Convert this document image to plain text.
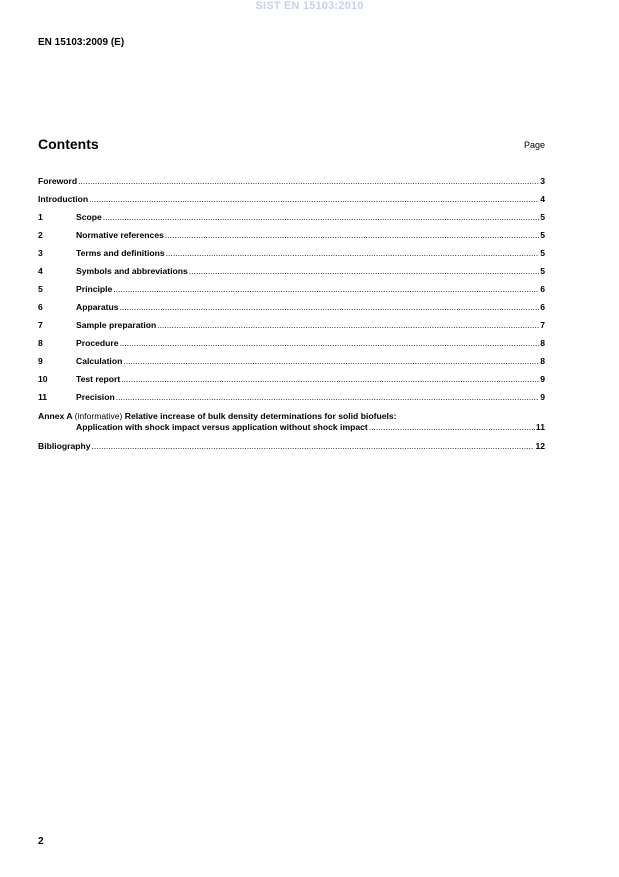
SIST EN 15103:2010
EN 15103:2009 (E)
Contents	Page
Foreword .....	3
Introduction .....	4
1	Scope .....	5
2	Normative references .....	5
3	Terms and definitions .....	5
4	Symbols and abbreviations .....	5
5	Principle .....	6
6	Apparatus .....	6
7	Sample preparation .....	7
8	Procedure .....	8
9	Calculation .....	8
10	Test report .....	9
11	Precision .....	9
Annex A (informative) Relative increase of bulk density determinations for solid biofuels:
Application with shock impact versus application without shock impact .....	11
Bibliography .....	12
2
